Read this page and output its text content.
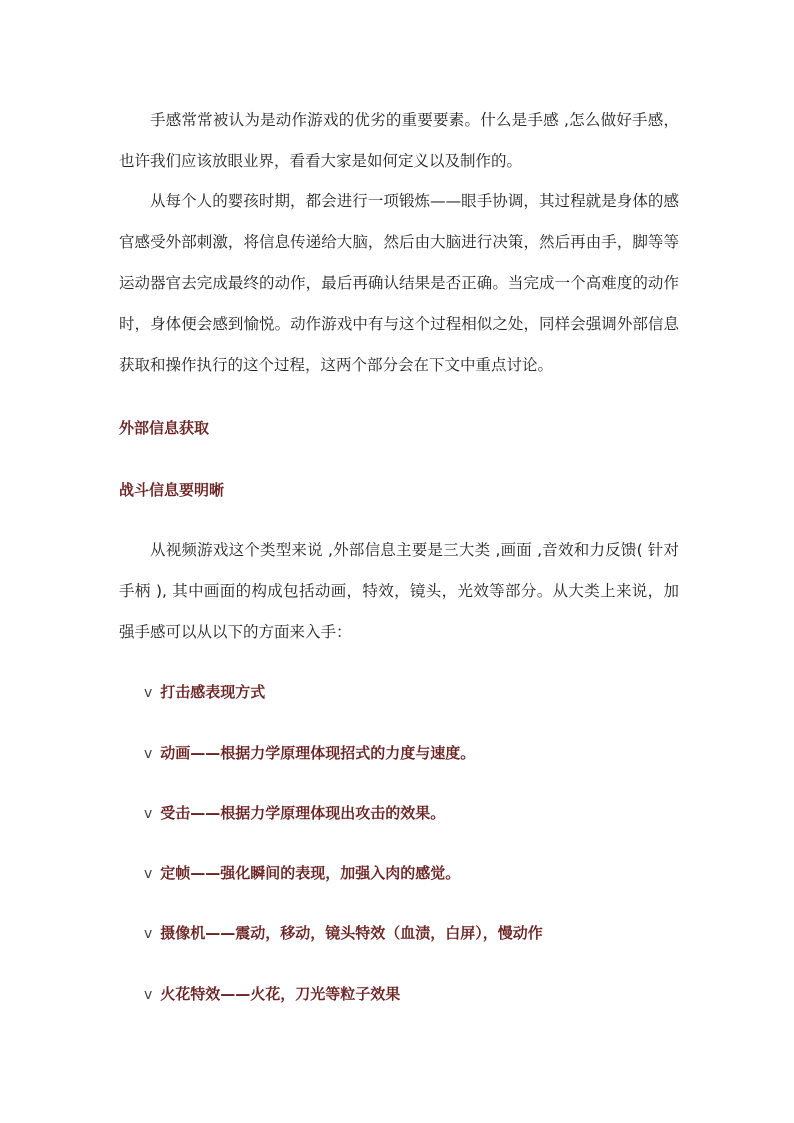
手感常常被认为是动作游戏的优劣的重要要素。什么是手感 ,怎么做好手感，也许我们应该放眼业界，看看大家是如何定义以及制作的。

从每个人的婴孩时期，都会进行一项锻炼——眼手协调，其过程就是身体的感官感受外部刺激，将信息传递给大脑，然后由大脑进行决策，然后再由手，脚等等运动器官去完成最终的动作，最后再确认结果是否正确。当完成一个高难度的动作时，身体便会感到愉悦。动作游戏中有与这个过程相似之处，同样会强调外部信息获取和操作执行的这个过程，这两个部分会在下文中重点讨论。

外部信息获取
战斗信息要明晰

从视频游戏这个类型来说 ,外部信息主要是三大类 ,画面 ,音效和力反馈( 针对手柄 ), 其中画面的构成包括动画，特效，镜头，光效等部分。从大类上来说，加强手感可以从以下的方面来入手：

v 打击感表现方式
v 动画——根据力学原理体现招式的力度与速度。
v 受击——根据力学原理体现出攻击的效果。
v 定帧——强化瞬间的表现，加强入肉的感觉。
v 摄像机——震动，移动，镜头特效（血渍，白屏），慢动作
v 火花特效——火花，刀光等粒子效果
